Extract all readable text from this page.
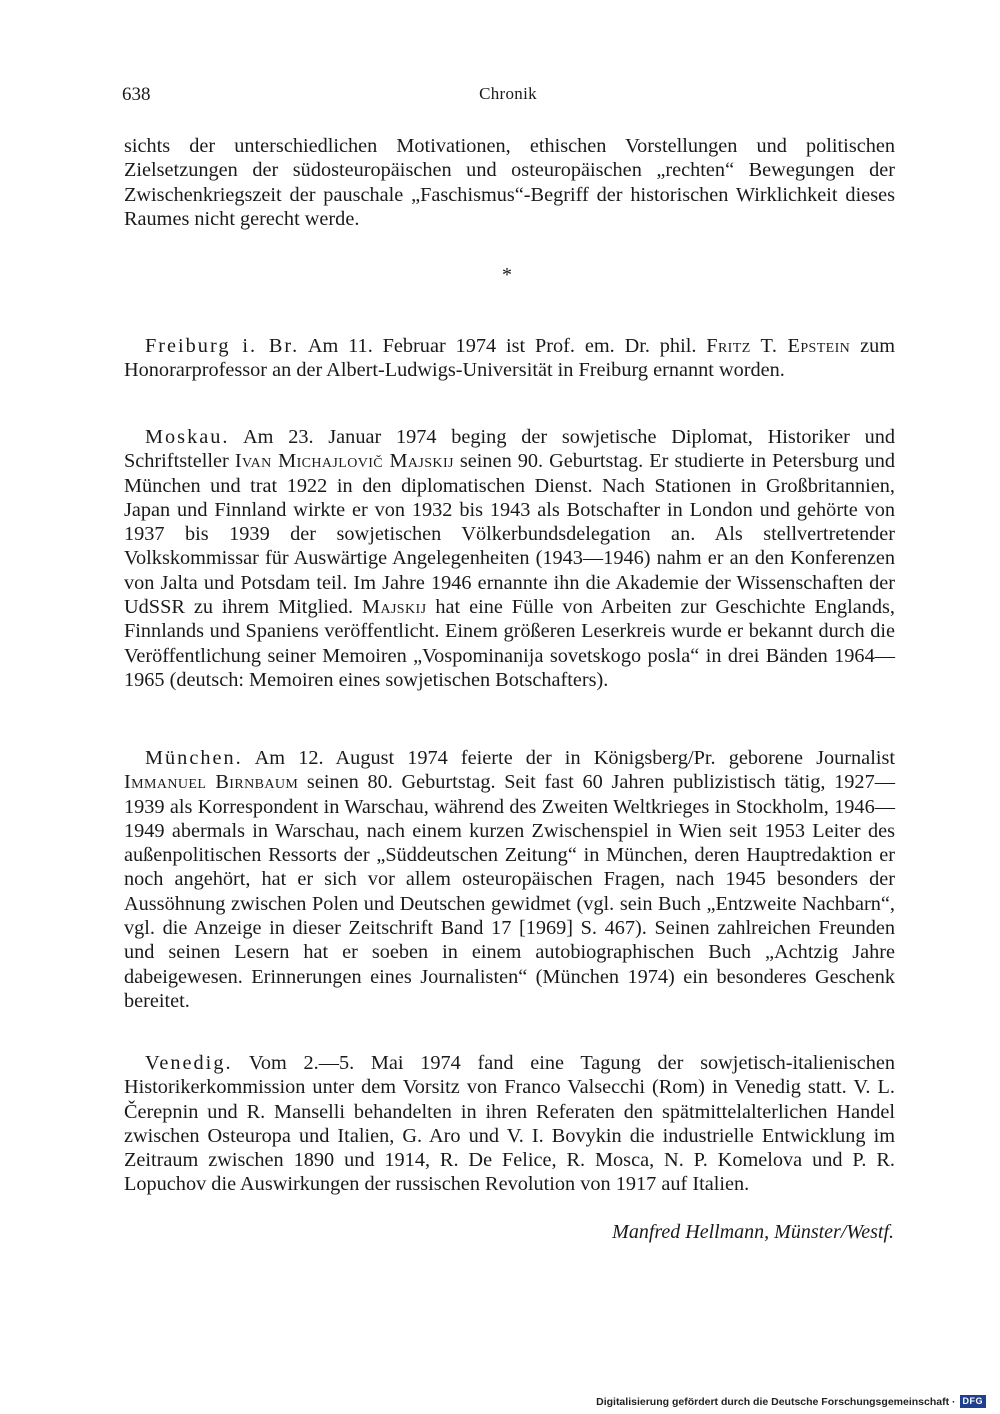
638	Chronik

sichts der unterschiedlichen Motivationen, ethischen Vorstellungen und politischen Zielsetzungen der südosteuropäischen und osteuropäischen „rechten“ Bewegungen der Zwischenkriegszeit der pauschale „Faschismus“-Begriff der historischen Wirklichkeit dieses Raumes nicht gerecht werde.

*

Freiburg i. Br. Am 11. Februar 1974 ist Prof. em. Dr. phil. Fritz T. Epstein zum Honorarprofessor an der Albert-Ludwigs-Universität in Freiburg ernannt worden.

Moskau. Am 23. Januar 1974 beging der sowjetische Diplomat, Historiker und Schriftsteller Ivan Michajlovič Majskij seinen 90. Geburtstag. Er studierte in Petersburg und München und trat 1922 in den diplomatischen Dienst. Nach Stationen in Großbritannien, Japan und Finnland wirkte er von 1932 bis 1943 als Botschafter in London und gehörte von 1937 bis 1939 der sowjetischen Völkerbundsdelegation an. Als stellvertretender Volkskommissar für Auswärtige Angelegenheiten (1943—1946) nahm er an den Konferenzen von Jalta und Potsdam teil. Im Jahre 1946 ernannte ihn die Akademie der Wissenschaften der UdSSR zu ihrem Mitglied. Majskij hat eine Fülle von Arbeiten zur Geschichte Englands, Finnlands und Spaniens veröffentlicht. Einem größeren Leserkreis wurde er bekannt durch die Veröffentlichung seiner Memoiren „Vospominanija sovetskogo posla“ in drei Bänden 1964—1965 (deutsch: Memoiren eines sowjetischen Botschafters).

München. Am 12. August 1974 feierte der in Königsberg/Pr. geborene Journalist Immanuel Birnbaum seinen 80. Geburtstag. Seit fast 60 Jahren publizistisch tätig, 1927—1939 als Korrespondent in Warschau, während des Zweiten Weltkrieges in Stockholm, 1946—1949 abermals in Warschau, nach einem kurzen Zwischenspiel in Wien seit 1953 Leiter des außenpolitischen Ressorts der „Süddeutschen Zeitung“ in München, deren Hauptredaktion er noch angehört, hat er sich vor allem osteuropäischen Fragen, nach 1945 besonders der Aussöhnung zwischen Polen und Deutschen gewidmet (vgl. sein Buch „Entzweite Nachbarn“, vgl. die Anzeige in dieser Zeitschrift Band 17 [1969] S. 467). Seinen zahlreichen Freunden und seinen Lesern hat er soeben in einem autobiographischen Buch „Achtzig Jahre dabeigewesen. Erinnerungen eines Journalisten“ (München 1974) ein besonderes Geschenk bereitet.

Venedig. Vom 2.—5. Mai 1974 fand eine Tagung der sowjetisch-italienischen Historikerkommission unter dem Vorsitz von Franco Valsecchi (Rom) in Venedig statt. V. L. Čerepnin und R. Manselli behandelten in ihren Referaten den spätmittelalterlichen Handel zwischen Osteuropa und Italien, G. Aro und V. I. Bovykin die industrielle Entwicklung im Zeitraum zwischen 1890 und 1914, R. De Felice, R. Mosca, N. P. Komelova und P. R. Lopuchov die Auswirkungen der russischen Revolution von 1917 auf Italien.

Manfred Hellmann, Münster/Westf.
Digitalisierung gefördert durch die Deutsche Forschungsgemeinschaft · DFG
